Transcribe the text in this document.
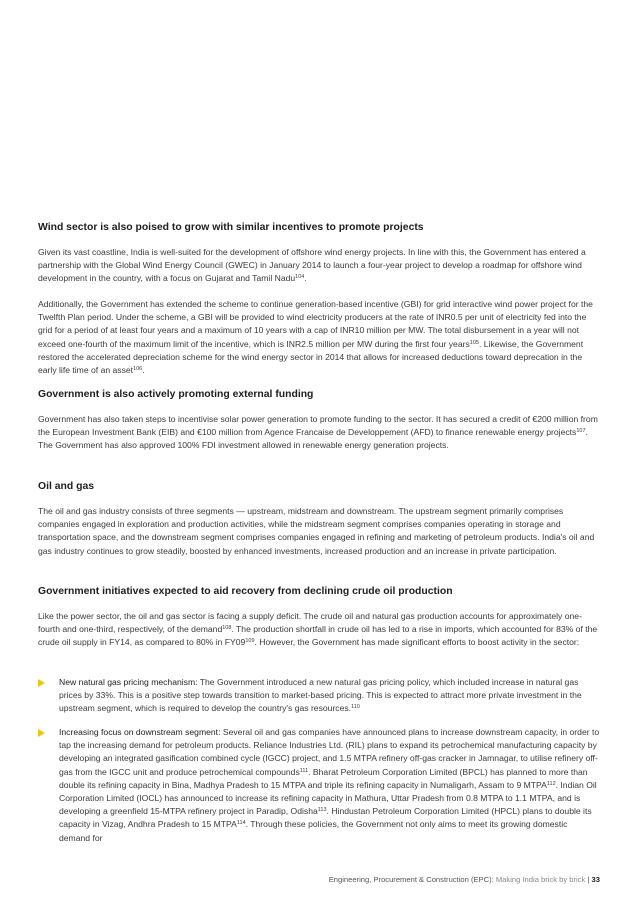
Wind sector is also poised to grow with similar incentives to promote projects

Given its vast coastline, India is well-suited for the development of offshore wind energy projects. In line with this, the Government has entered a partnership with the Global Wind Energy Council (GWEC) in January 2014 to launch a four-year project to develop a roadmap for offshore wind development in the country, with a focus on Gujarat and Tamil Nadu$^{104}$.

Additionally, the Government has extended the scheme to continue generation-based incentive (GBI) for grid interactive wind power project for the Twelfth Plan period. Under the scheme, a GBI will be provided to wind electricity producers at the rate of INR0.5 per unit of electricity fed into the grid for a period of at least four years and a maximum of 10 years with a cap of INR10 million per MW. The total disbursement in a year will not exceed one-fourth of the maximum limit of the incentive, which is INR2.5 million per MW during the first four years$^{105}$. Likewise, the Government restored the accelerated depreciation scheme for the wind energy sector in 2014 that allows for increased deductions toward deprecation in the early life time of an asset$^{106}$.

Government is also actively promoting external funding

Government has also taken steps to incentivise solar power generation to promote funding to the sector. It has secured a credit of €200 million from the European Investment Bank (EIB) and €100 million from Agence Francaise de Developpement (AFD) to finance renewable energy projects$^{107}$. The Government has also approved 100% FDI investment allowed in renewable energy generation projects.

Oil and gas

The oil and gas industry consists of three segments — upstream, midstream and downstream. The upstream segment primarily comprises companies engaged in exploration and production activities, while the midstream segment comprises companies operating in storage and transportation space, and the downstream segment comprises companies engaged in refining and marketing of petroleum products. India's oil and gas industry continues to grow steadily, boosted by enhanced investments, increased production and an increase in private participation.

Government initiatives expected to aid recovery from declining crude oil production

Like the power sector, the oil and gas sector is facing a supply deficit. The crude oil and natural gas production accounts for approximately one-fourth and one-third, respectively, of the demand$^{108}$. The production shortfall in crude oil has led to a rise in imports, which accounted for 83% of the crude oil supply in FY14, as compared to 80% in $FY09^{109}$. However, the Government has made significant efforts to boost activity in the sector:

New natural gas pricing mechanism: The Government introduced a new natural gas pricing policy, which included increase in natural gas prices by 33%. This is a positive step towards transition to market-based pricing. This is expected to attract more private investment in the upstream segment, which is required to develop the country's gas resources.$^{110}$
Increasing focus on downstream segment: Several oil and gas companies have announced plans to increase downstream capacity, in order to tap the increasing demand for petroleum products. Reliance Industries Ltd. (RIL) plans to expand its petrochemical manufacturing capacity by developing an integrated gasification combined cycle (IGCC) project, and 1.5 MTPA refinery off-gas cracker in Jamnagar, to utilise refinery off-gas from the IGCC unit and produce petrochemical compounds$^{111}$. Bharat Petroleum Corporation Limited (BPCL) has planned to more than double its refining capacity in Bina, Madhya Pradesh to 15 MTPA and triple its refining capacity in Numaligarh, Assam to 9 MTPA$^{112}$. Indian Oil Corporation Limited (IOCL) has announced to increase its refining capacity in Mathura, Uttar Pradesh from 0.8 MTPA to 1.1 MTPA, and is developing a greenfield 15-MTPA refinery project in Paradip, Odisha$^{113}$. Hindustan Petroleum Corporation Limited (HPCL) plans to double its capacity in Vizag, Andhra Pradesh to 15 MTPA$^{114}$. Through these policies, the Government not only aims to meet its growing domestic demand for
Engineering, Procurement & Construction (EPC): Making India brick by brick | 33
